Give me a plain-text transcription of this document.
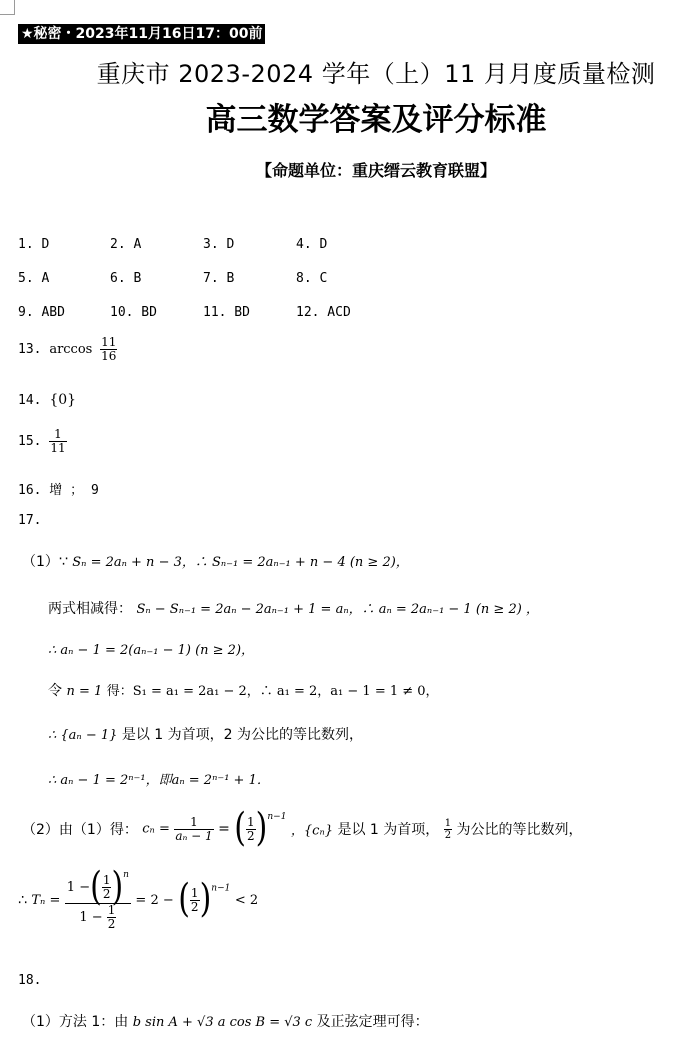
★秘密・2023年11月16日17：00前
重庆市 2023-2024 学年（上）11 月月度质量检测
高三数学答案及评分标准
【命题单位：重庆缙云教育联盟】
1. D	2. A	3. D	4. D
5. A	6. B	7. B	8. C
9. ABD	10. BD	11. BD	12. ACD
13. $\arccos \frac{11}{16}$
14. {0}
15. $\frac{1}{11}$
16. 增 ； 9
17.
（1）∵ Sₙ = 2aₙ + n − 3，∴ Sₙ₋₁ = 2aₙ₋₁ + n − 4 (n ≥ 2)，
两式相减得： Sₙ − Sₙ₋₁ = 2aₙ − 2aₙ₋₁ + 1 = aₙ，∴ aₙ = 2aₙ₋₁ − 1 (n ≥ 2) ，
∴ aₙ − 1 = 2(aₙ₋₁ − 1) (n ≥ 2)，
令 n = 1 得：S₁ = a₁ = 2a₁ − 2，∴ a₁ = 2，a₁ − 1 = 1 ≠ 0，
∴ {aₙ − 1} 是以 1 为首项，2 为公比的等比数列，
∴ aₙ − 1 = 2ⁿ⁻¹，即aₙ = 2ⁿ⁻¹ + 1．
（2）由（1）得： $c_n = \frac{1}{\text{aₙ − 1}}$ = ( $\frac{1}{2} )^{n-1}$ ，{cₙ} 是以 1 为首项， $\frac{1}{2}$ 为公比的等比数列，
∴ $T_n = \frac{1 -( \frac{1}{2} )^n}{1 - \frac{1}{2}} = 2$ − ( $\frac{1}{2} )^{n-1} < 2$
18.
（1）方法 1：由 b sin A + √3 a cos B = √3 c 及正弦定理可得：
